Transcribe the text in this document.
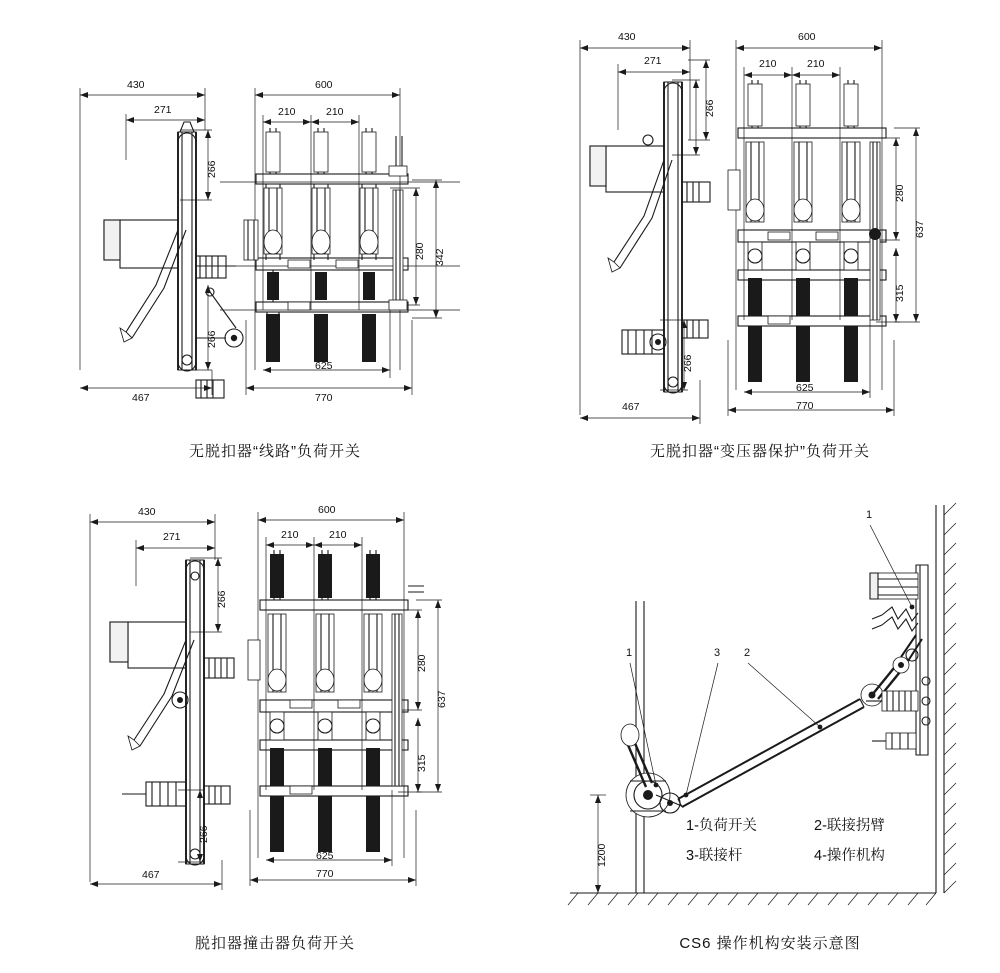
430
271
266
266
467
600
210	210
280 342
625
770
无脱扣器“线路”负荷开关
430
271
266
266
467
600
210	210
280
637
315
625
770
无脱扣器“变压器保护”负荷开关
430
271
266
266
467
600
210	210
280
637
315
625
770
脱扣器撞击器负荷开关
1200
1	3 2
1
1-负荷开关	2-联接拐臂
3-联接杆	4-操作机构
CS6 操作机构安装示意图
